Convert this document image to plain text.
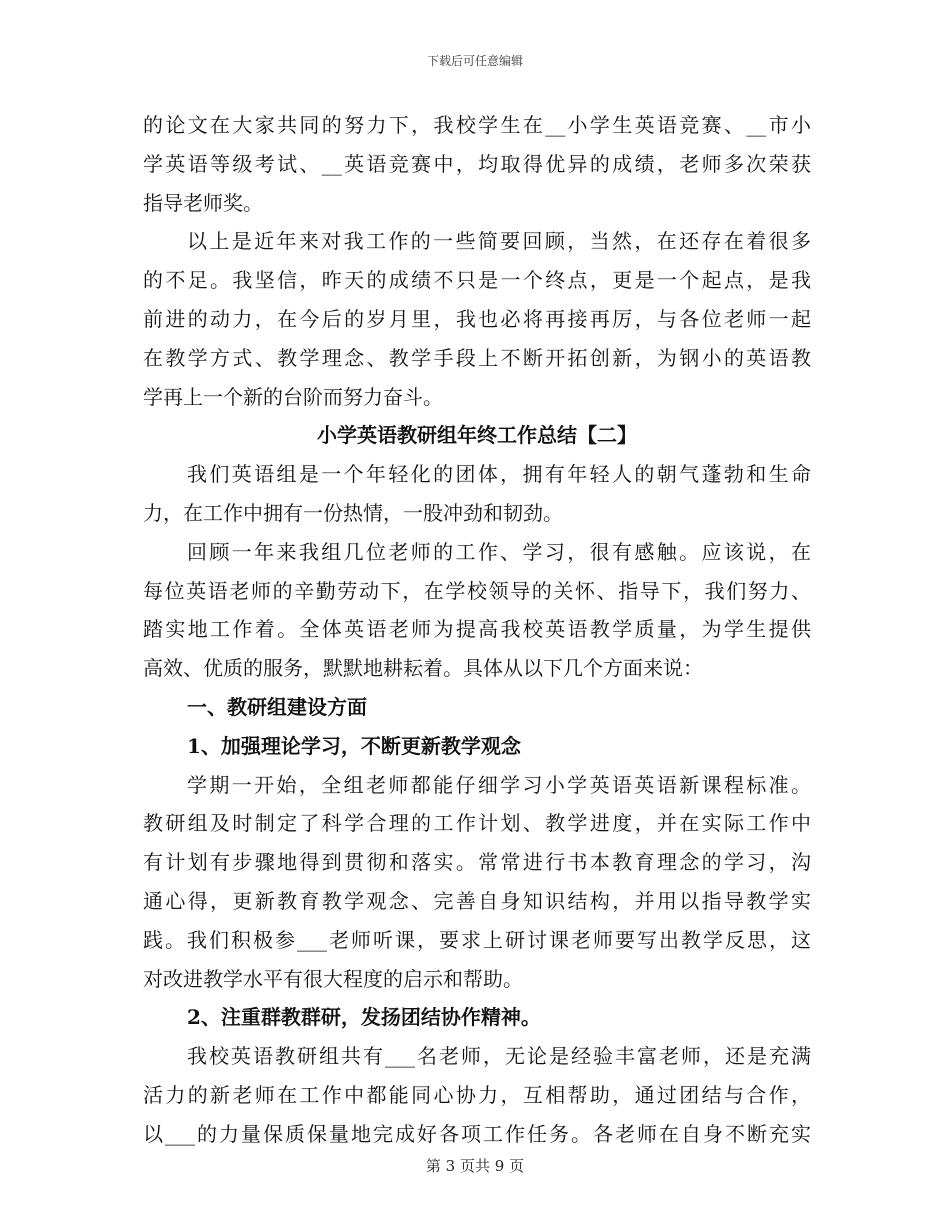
下载后可任意编辑
的论文在大家共同的努力下，我校学生在__小学生英语竞赛、__市小
学英语等级考试、__英语竞赛中，均取得优异的成绩，老师多次荣获
指导老师奖。
以上是近年来对我工作的一些简要回顾，当然，在还存在着很多
的不足。我坚信，昨天的成绩不只是一个终点，更是一个起点，是我
前进的动力，在今后的岁月里，我也必将再接再厉，与各位老师一起
在教学方式、教学理念、教学手段上不断开拓创新，为钢小的英语教
学再上一个新的台阶而努力奋斗。
小学英语教研组年终工作总结【二】
我们英语组是一个年轻化的团体，拥有年轻人的朝气蓬勃和生命
力，在工作中拥有一份热情，一股冲劲和韧劲。
回顾一年来我组几位老师的工作、学习，很有感触。应该说，在
每位英语老师的辛勤劳动下，在学校领导的关怀、指导下，我们努力、
踏实地工作着。全体英语老师为提高我校英语教学质量，为学生提供
高效、优质的服务，默默地耕耘着。具体从以下几个方面来说：
一、教研组建设方面
1、加强理论学习，不断更新教学观念
学期一开始，全组老师都能仔细学习小学英语英语新课程标准。
教研组及时制定了科学合理的工作计划、教学进度，并在实际工作中
有计划有步骤地得到贯彻和落实。常常进行书本教育理念的学习，沟
通心得，更新教育教学观念、完善自身知识结构，并用以指导教学实
践。我们积极参___老师听课，要求上研讨课老师要写出教学反思，这
对改进教学水平有很大程度的启示和帮助。
2、注重群教群研，发扬团结协作精神。
我校英语教研组共有___名老师，无论是经验丰富老师，还是充满
活力的新老师在工作中都能同心协力，互相帮助，通过团结与合作，
以___的力量保质保量地完成好各项工作任务。各老师在自身不断充实
第 3 页共 9 页
